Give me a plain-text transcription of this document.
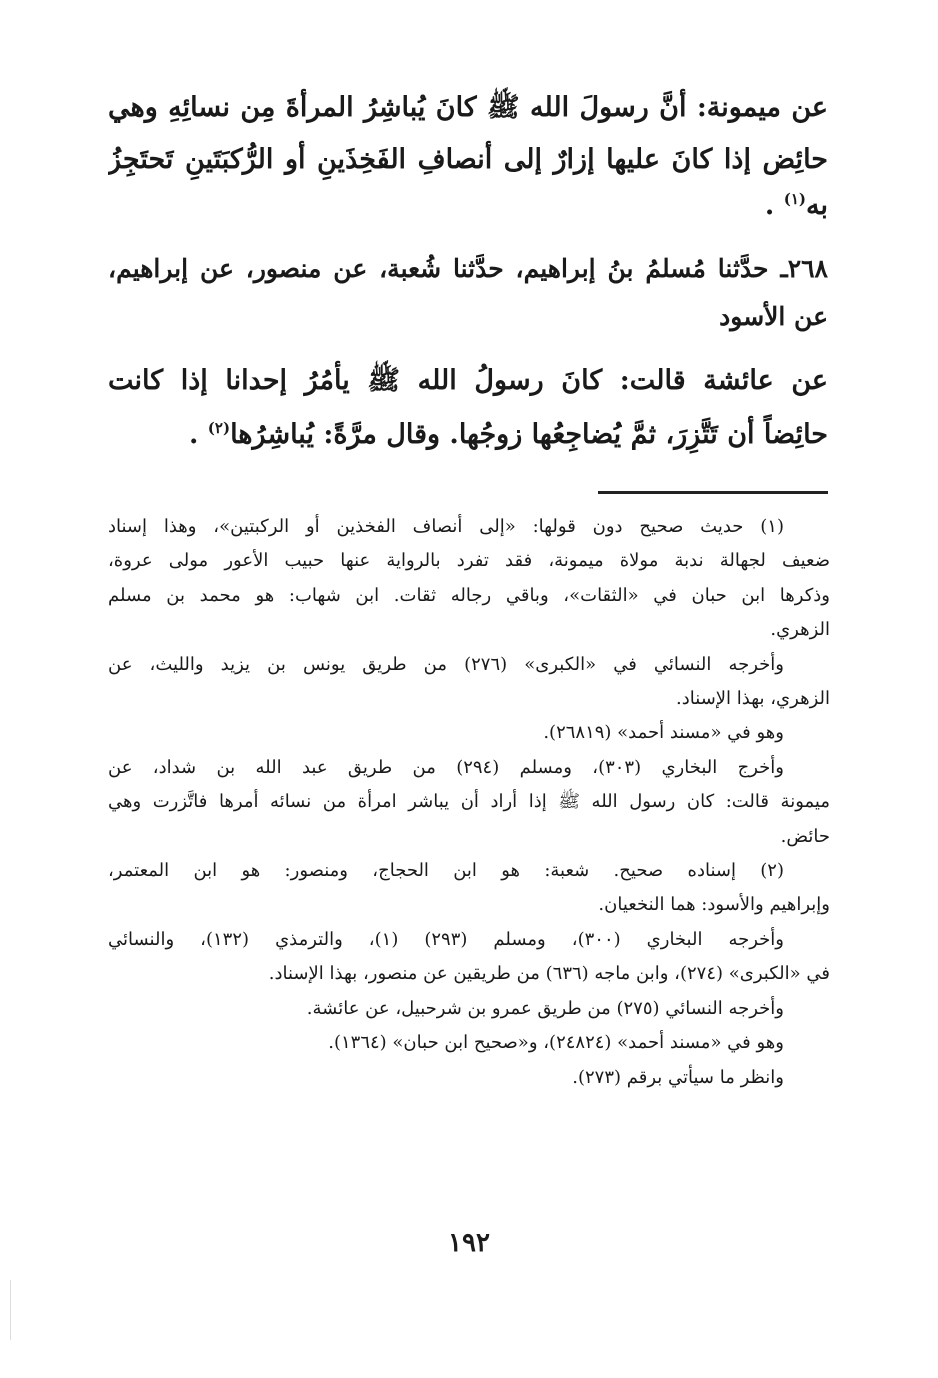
عن ميمونة: أنَّ رسولَ الله ﷺ كانَ يُباشِرُ المرأةَ مِن نسائِهِ وهي

حائِض إذا كانَ عليها إزارٌ إلى أنصافِ الفَخِذَينِ أو الرُّكبَتَينِ تَحتَجِزُ

به$^{(١)}$ .

٢٦٨ـ حدَّثنا مُسلمُ بنُ إبراهيم، حدَّثنا شُعبة، عن منصور، عن إبراهيم،

عن الأسود

عن عائشة قالت: كانَ رسولُ الله ﷺ يأمُرُ إحدانا إذا كانت

حائِضاً أن تَتَّزِرَ، ثمَّ يُضاجِعُها زوجُها. وقال مرَّةً: يُباشِرُها$^{(٢)}$ .

(١) حديث صحيح دون قولها: «إلى أنصاف الفخذين أو الركبتين»، وهذا إسناد

ضعيف لجهالة ندبة مولاة ميمونة، فقد تفرد بالرواية عنها حبيب الأعور مولى عروة،

وذكرها ابن حبان في «الثقات»، وباقي رجاله ثقات. ابن شهاب: هو محمد بن مسلم

الزهري.

وأخرجه النسائي في «الكبرى» (٢٧٦) من طريق يونس بن يزيد والليث، عن

الزهري، بهذا الإسناد.

وهو في «مسند أحمد» (٢٦٨١٩).

وأخرج البخاري (٣٠٣)، ومسلم (٢٩٤) من طريق عبد الله بن شداد، عن

ميمونة قالت: كان رسول الله ﷺ إذا أراد أن يباشر امرأة من نسائه أمرها فاتَّزرت وهي

حائض.

(٢) إسناده صحيح. شعبة: هو ابن الحجاج، ومنصور: هو ابن المعتمر،

وإبراهيم والأسود: هما النخعيان.

وأخرجه البخاري (٣٠٠)، ومسلم (٢٩٣) (١)، والترمذي (١٣٢)، والنسائي

في «الكبرى» (٢٧٤)، وابن ماجه (٦٣٦) من طريقين عن منصور، بهذا الإسناد.

وأخرجه النسائي (٢٧٥) من طريق عمرو بن شرحبيل، عن عائشة.

وهو في «مسند أحمد» (٢٤٨٢٤)، و«صحيح ابن حبان» (١٣٦٤).

وانظر ما سيأتي برقم (٢٧٣).

١٩٢
